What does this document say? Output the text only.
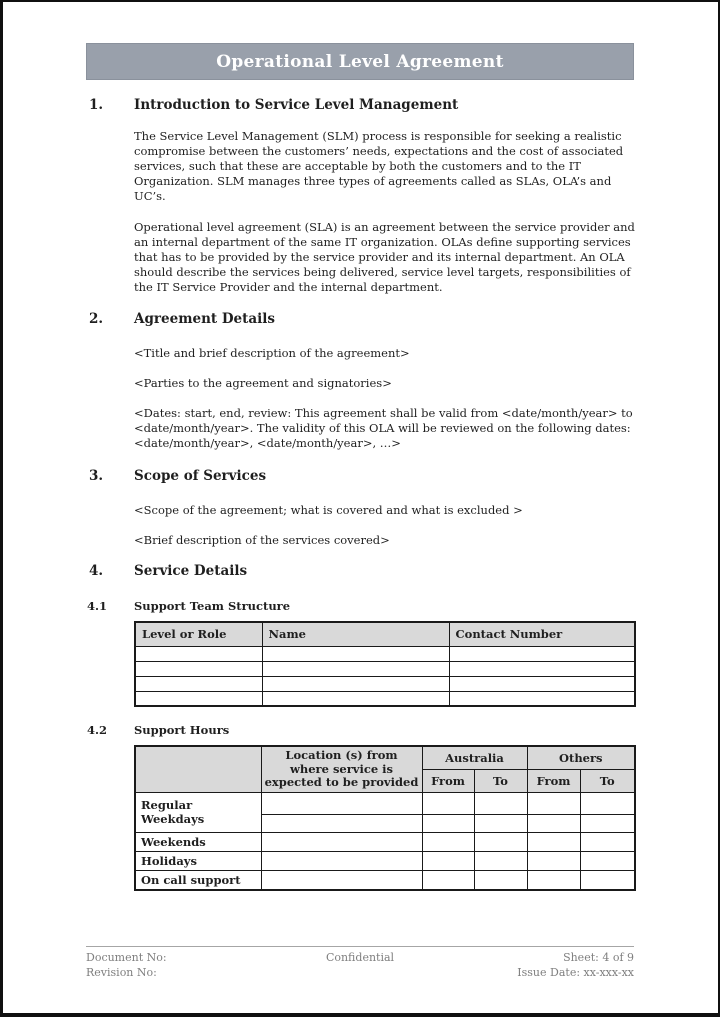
Operational Level Agreement
1.	Introduction to Service Level Management

The Service Level Management (SLM) process is responsible for seeking a realistic compromise between the customers’ needs, expectations and the cost of associated services, such that these are acceptable by both the customers and to the IT Organization. SLM manages three types of agreements called as SLAs, OLA’s and UC’s.

Operational level agreement (SLA) is an agreement between the service provider and an internal department of the same IT organization. OLAs define supporting services that has to be provided by the service provider and its internal department. An OLA should describe the services being delivered, service level targets, responsibilities of the IT Service Provider and the internal department.

2.	Agreement Details

<Title and brief description of the agreement>

<Parties to the agreement and signatories>

<Dates: start, end, review: This agreement shall be valid from <date/month/year> to <date/month/year>. The validity of this OLA will be reviewed on the following dates: <date/month/year>, <date/month/year>, …>

3.	Scope of Services

<Scope of the agreement; what is covered and what is excluded >

<Brief description of the services covered>

4.	Service Details
4.1	Support Team Structure
Level or Role	Name	Contact Number

4.2	Support Hours
	Location (s) from where service is expected to be provided	Australia		Others	
		From	To	From	To
Regular Weekdays					

Weekends					
Holidays					
On call support					
Document No:
Revision No:
Confidential	Sheet: 4 of 9
Issue Date: xx-xxx-xx
